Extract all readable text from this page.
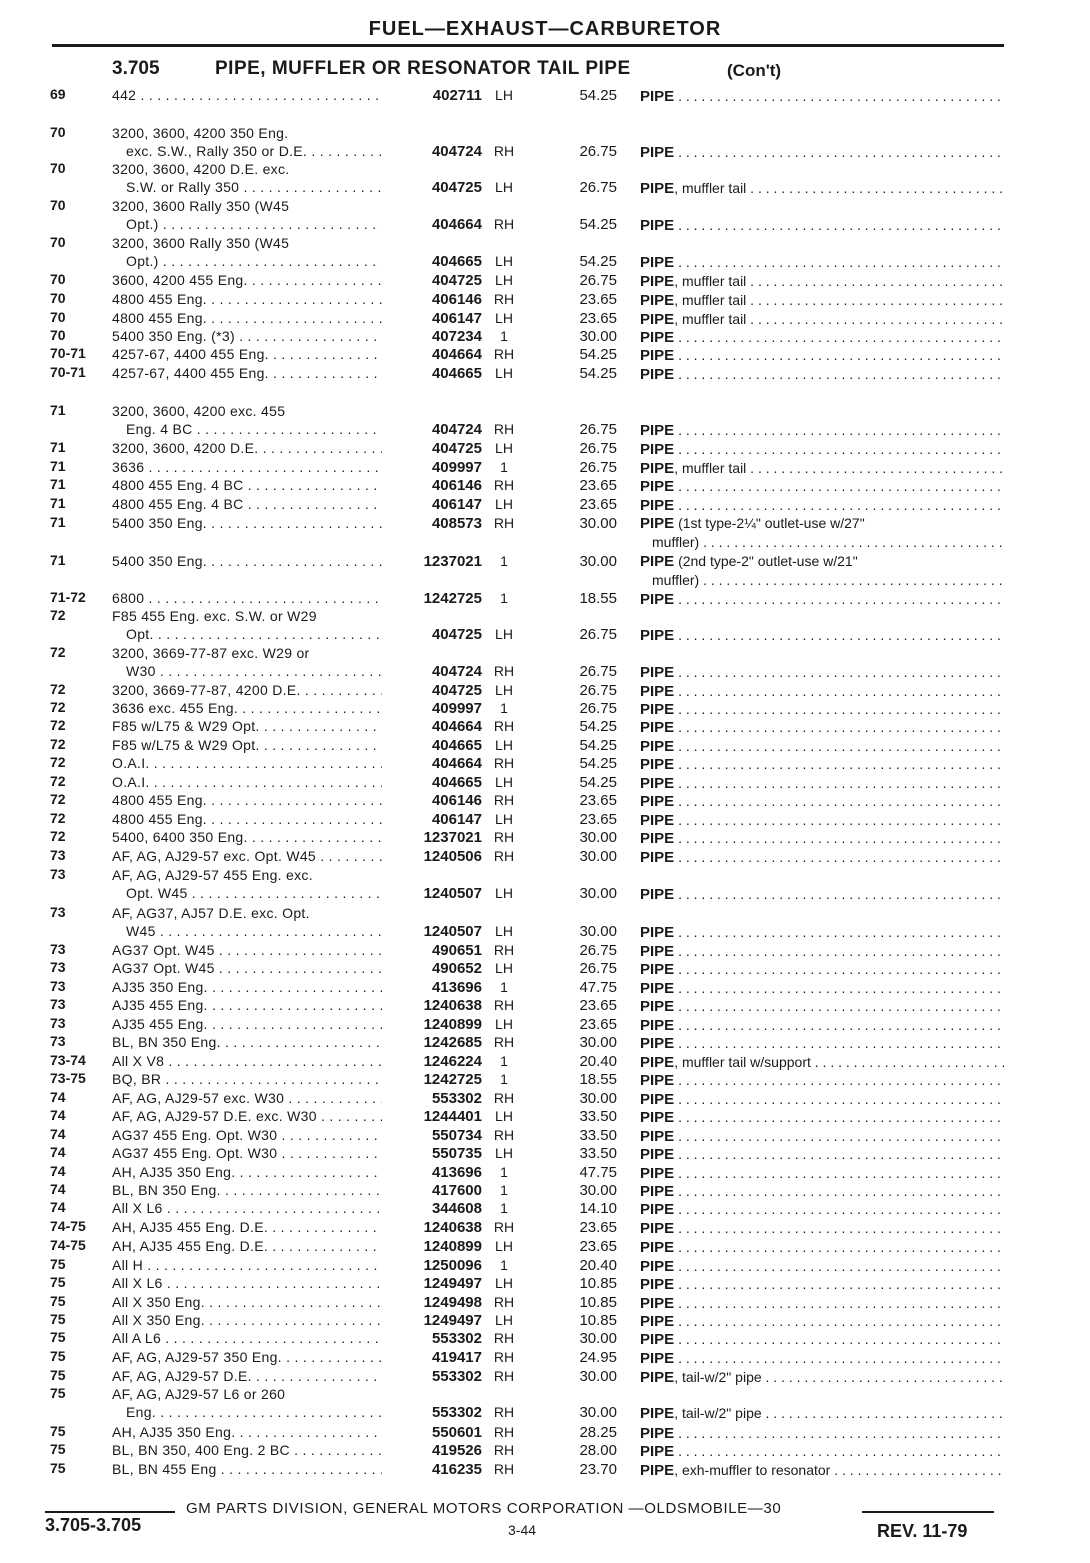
FUEL—EXHAUST—CARBURETOR
3.705	PIPE, MUFFLER OR RESONATOR TAIL PIPE	(Con't)
69	442 . . .	402711 LH	54.25 PIPE . . .
70	3200, 3600, 4200 350 Eng.
exc. S.W., Rally 350 or D.E. . . .	404724 RH	26.75 PIPE . . .
70	3200, 3600, 4200 D.E. exc.
S.W. or Rally 350 . . .	404725 LH	26.75 PIPE, muffler tail . . .
70	3200, 3600 Rally 350 (W45
Opt.) . . .	404664 RH	54.25 PIPE . . .
70	3200, 3600 Rally 350 (W45
Opt.) . . .	404665 LH	54.25 PIPE . . .
70	3600, 4200 455 Eng. . . .	404725 LH	26.75 PIPE, muffler tail . . .
70	4800 455 Eng. . . .	406146 RH	23.65 PIPE, muffler tail . . .
70	4800 455 Eng. . . .	406147 LH	23.65 PIPE, muffler tail . . .
70	5400 350 Eng. (*3) . . .	407234	1	30.00 PIPE . . .
70-71 4257-67, 4400 455 Eng. . . .	404664 RH	54.25 PIPE . . .
70-71 4257-67, 4400 455 Eng. . . .	404665 LH	54.25 PIPE . . .
71	3200, 3600, 4200 exc. 455
Eng. 4 BC . . .	404724 RH	26.75 PIPE . . .
71	3200, 3600, 4200 D.E. . . .	404725 LH	26.75 PIPE . . .
71	3636 . . .	409997	1	26.75 PIPE, muffler tail . . .
71	4800 455 Eng. 4 BC . . .	406146 RH	23.65 PIPE . . .
71	4800 455 Eng. 4 BC . . .	406147 LH	23.65 PIPE . . .
71	5400 350 Eng. . . .	408573 RH	30.00 PIPE (1st type-2¼" outlet-use w/27"
muffler) . . .
71	5400 350 Eng. . . .	1237021	1	30.00 PIPE (2nd type-2" outlet-use w/21"
muffler) . . .
71-72 6800 . . .	1242725	1	18.55 PIPE . . .
72	F85 455 Eng. exc. S.W. or W29
Opt. . . .	404725 LH	26.75 PIPE . . .
72	3200, 3669-77-87 exc. W29 or
W30 . . .	404724 RH	26.75 PIPE . . .
72	3200, 3669-77-87, 4200 D.E. . . .	404725 LH	26.75 PIPE . . .
72	3636 exc. 455 Eng. . . .	409997	1	26.75 PIPE . . .
72	F85 w/L75 & W29 Opt. . . .	404664 RH	54.25 PIPE . . .
72	F85 w/L75 & W29 Opt. . . .	404665 LH	54.25 PIPE . . .
72	O.A.I. . . .	404664 RH	54.25 PIPE . . .
72	O.A.I. . . .	404665 LH	54.25 PIPE . . .
72	4800 455 Eng. . . .	406146 RH	23.65 PIPE . . .
72	4800 455 Eng. . . .	406147 LH	23.65 PIPE . . .
72	5400, 6400 350 Eng. . . .	1237021 RH	30.00 PIPE . . .
73	AF, AG, AJ29-57 exc. Opt. W45 . . .	1240506 RH	30.00 PIPE . . .
73	AF, AG, AJ29-57 455 Eng. exc.
Opt. W45 . . .	1240507 LH	30.00 PIPE . . .
73	AF, AG37, AJ57 D.E. exc. Opt.
W45 . . .	1240507 LH	30.00 PIPE . . .
73	AG37 Opt. W45 . . .	490651 RH	26.75 PIPE . . .
73	AG37 Opt. W45 . . .	490652 LH	26.75 PIPE . . .
73	AJ35 350 Eng. . . .	413696	1	47.75 PIPE . . .
73	AJ35 455 Eng. . . .	1240638 RH	23.65 PIPE . . .
73	AJ35 455 Eng. . . .	1240899 LH	23.65 PIPE . . .
73	BL, BN 350 Eng. . . .	1242685 RH	30.00 PIPE . . .
73-74 All X V8 . . .	1246224	1	20.40 PIPE, muffler tail w/support . . .
73-75 BQ, BR . . .	1242725	1	18.55 PIPE . . .
74	AF, AG, AJ29-57 exc. W30 . . .	553302 RH	30.00 PIPE . . .
74	AF, AG, AJ29-57 D.E. exc. W30 . . .	1244401 LH	33.50 PIPE . . .
74	AG37 455 Eng. Opt. W30 . . .	550734 RH	33.50 PIPE . . .
74	AG37 455 Eng. Opt. W30 . . .	550735 LH	33.50 PIPE . . .
74	AH, AJ35 350 Eng. . . .	413696	1	47.75 PIPE . . .
74	BL, BN 350 Eng. . . .	417600	1	30.00 PIPE . . .
74	All X L6 . . .	344608	1	14.10 PIPE . . .
74-75 AH, AJ35 455 Eng. D.E. . . .	1240638 RH	23.65 PIPE . . .
74-75 AH, AJ35 455 Eng. D.E. . . .	1240899 LH	23.65 PIPE . . .
75	All H . . .	1250096	1	20.40 PIPE . . .
75	All X L6 . . .	1249497 LH	10.85 PIPE . . .
75	All X 350 Eng. . . .	1249498 RH	10.85 PIPE . . .
75	All X 350 Eng. . . .	1249497 LH	10.85 PIPE . . .
75	All A L6 . . .	553302 RH	30.00 PIPE . . .
75	AF, AG, AJ29-57 350 Eng. . . .	419417 RH	24.95 PIPE . . .
75	AF, AG, AJ29-57 D.E. . . .	553302 RH	30.00 PIPE, tail-w/2" pipe . . .
75	AF, AG, AJ29-57 L6 or 260
Eng. . . .	553302 RH	30.00 PIPE, tail-w/2" pipe . . .
75	AH, AJ35 350 Eng. . . .	550601 RH	28.25 PIPE . . .
75	BL, BN 350, 400 Eng. 2 BC . . .	419526 RH	28.00 PIPE . . .
75	BL, BN 455 Eng . . .	416235 RH	23.70 PIPE, exh-muffler to resonator . . .
3.705-3.705
GM PARTS DIVISION, GENERAL MOTORS CORPORATION —OLDSMOBILE—30
3-44	REV. 11-79
